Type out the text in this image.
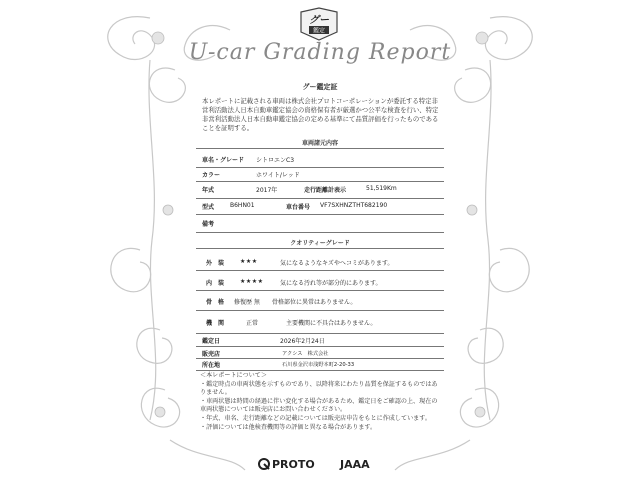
グー
鑑定
U-car Grading Report
グー鑑定証
本レポートに記載される車両は株式会社プロトコーポレーションが委託する特定非営利活動法人日本自動車鑑定協会の資格保有者が厳選かつ公平な検査を行い、特定非営利活動法人日本自動車鑑定協会の定める基準にて品質評価を行ったものであることを証明する。
車両諸元内容
車名・グレード シトロエンC3
カラー	ホワイト/レッド
年式	2017年	走行距離計表示	51,519Km
型式	B6HN01	車台番号 VF7SXHNZTHT682190
備考
クオリティーグレード
外　装	★★★	気になるようなキズやへコミがあります。
内　装	★★★★	気になる汚れ等が部分的にあります。
骨　格 修復歴 無 骨格部位に異常はありません。
機　関	正常	主要機関に不具合はありません。
鑑定日	2026年2月24日
販売店	アクシス　株式会社
所在地	石川県金沢市浅野本町2-20-33
＜本レポートについて＞
・鑑定時点の車両状態を示すものであり、以降将来にわたり品質を保証するものではありません。
・車両状態は時間の経過に伴い変化する場合があるため、鑑定日をご確認の上、現在の車両状態については販売店にお問い合わせください。
・年式、車名、走行距離などの記載については販売店申告をもとに作成しています。
・評価については他検査機関等の評価と異なる場合があります。
PROTO JAAA
